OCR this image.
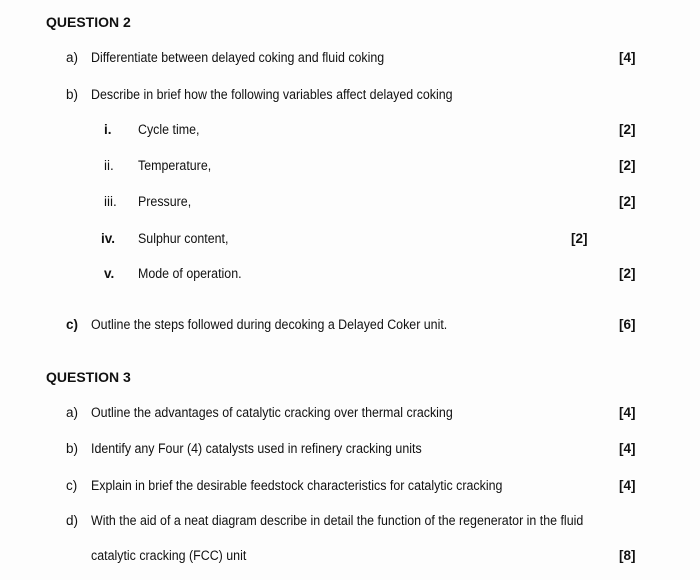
QUESTION 2
a) Differentiate between delayed coking and fluid coking	[4]
b) Describe in brief how the following variables affect delayed coking
i. Cycle time,	[2]
ii. Temperature,	[2]
iii. Pressure,	[2]
iv. Sulphur content,	[2]
v. Mode of operation.	[2]
c) Outline the steps followed during decoking a Delayed Coker unit.	[6]
QUESTION 3
a) Outline the advantages of catalytic cracking over thermal cracking	[4]
b) Identify any Four (4) catalysts used in refinery cracking units	[4]
c) Explain in brief the desirable feedstock characteristics for catalytic cracking	[4]
d) With the aid of a neat diagram describe in detail the function of the regenerator in the fluid
catalytic cracking (FCC) unit	[8]
